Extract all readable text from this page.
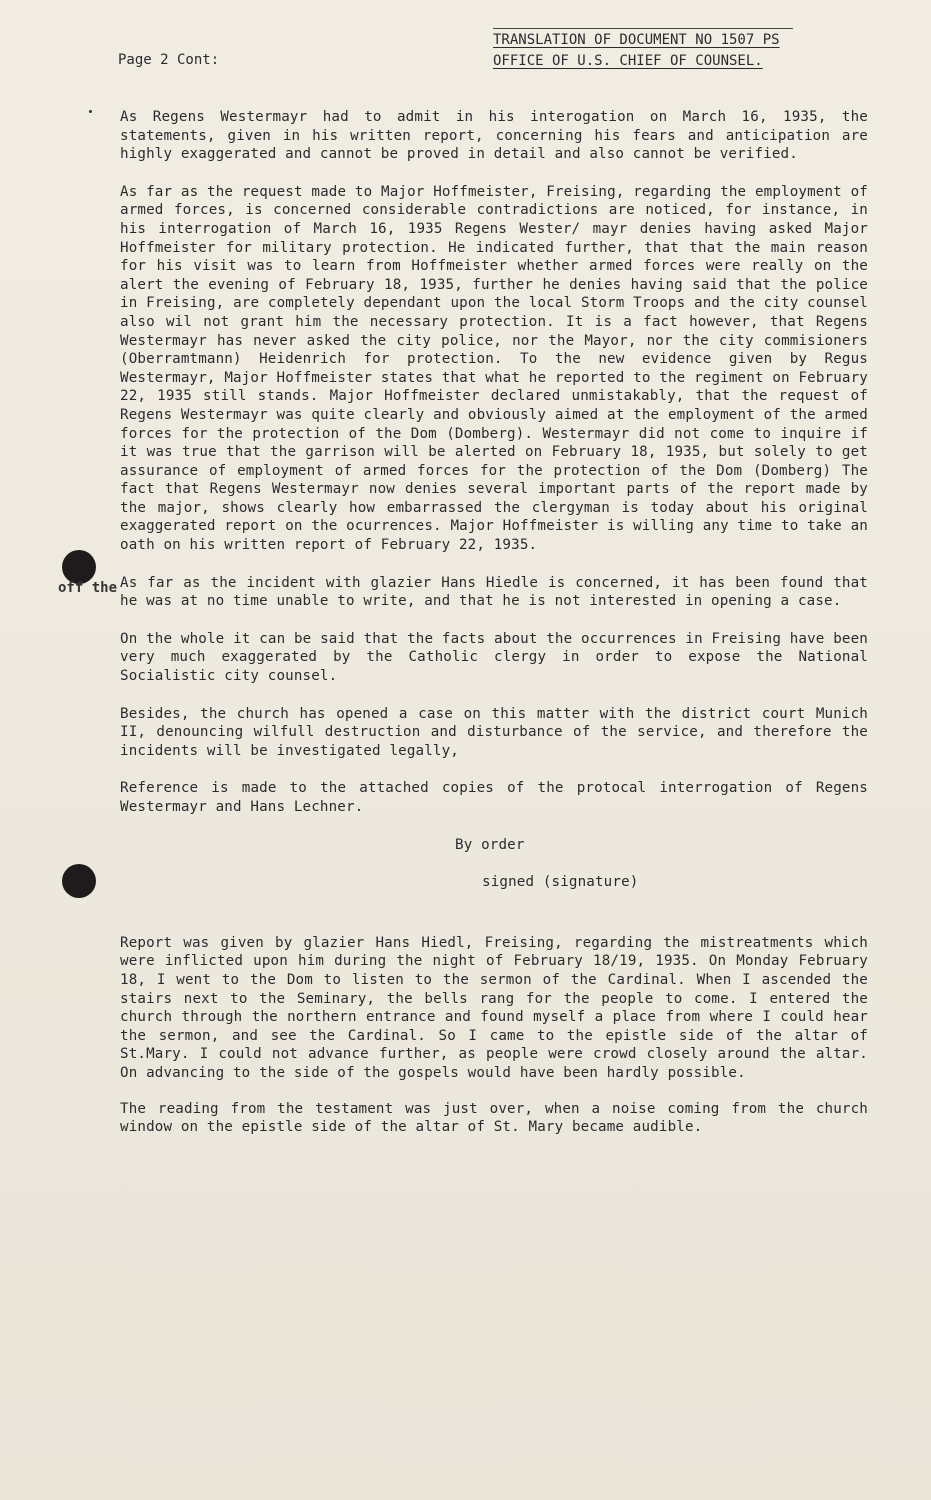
Page 2 Cont:
TRANSLATION OF DOCUMENT NO 1507 PS
OFFICE OF U.S. CHIEF OF COUNSEL.
off the

As Regens Westermayr had to admit in his interogation on March 16, 1935, the statements, given in his written report, concerning his fears and anticipation are highly exaggerated and cannot be proved in detail and also cannot be verified.

As far as the request made to Major Hoffmeister, Freising, regarding the employment of armed forces, is concerned considerable contradictions are noticed, for instance, in his interrogation of March 16, 1935 Regens Wester/ mayr denies having asked Major Hoffmeister for military protection. He indicated further, that that the main reason for his visit was to learn from Hoffmeister whether armed forces were really on the alert the evening of February 18, 1935, further he denies having said that the police in Freising, are completely dependant upon the local Storm Troops and the city counsel also wil not grant him the necessary protection. It is a fact however, that Regens Westermayr has never asked the city police, nor the Mayor, nor the city commisioners (Oberramtmann) Heidenrich for protection. To the new evidence given by Regus Westermayr, Major Hoffmeister states that what he reported to the regiment on February 22, 1935 still stands. Major Hoffmeister declared unmistakably, that the request of Regens Westermayr was quite clearly and obviously aimed at the employment of the armed forces for the protection of the Dom (Domberg). Westermayr did not come to inquire if it was true that the garrison will be alerted on February 18, 1935, but solely to get assurance of employment of armed forces for the protection of the Dom (Domberg) The fact that Regens Westermayr now denies several important parts of the report made by the major, shows clearly how embarrassed the clergyman is today about his original exaggerated report on the ocurrences. Major Hoffmeister is willing any time to take an oath on his written report of February 22, 1935.

As far as the incident with glazier Hans Hiedle is concerned, it has been found that he was at no time unable to write, and that he is not interested in opening a case.

On the whole it can be said that the facts about the occurrences in Freising have been very much exaggerated by the Catholic clergy in order to expose the National Socialistic city counsel.

Besides, the church has opened a case on this matter with the district court Munich II, denouncing wilfull destruction and disturbance of the service, and therefore the incidents will be investigated legally,

Reference is made to the attached copies of the protocal interrogation of Regens Westermayr and Hans Lechner.

By order

signed (signature)

Report was given by glazier Hans Hiedl, Freising, regarding the mistreatments which were inflicted upon him during the night of February 18/19, 1935. On Monday February 18, I went to the Dom to listen to the sermon of the Cardinal. When I ascended the stairs next to the Seminary, the bells rang for the people to come. I entered the church through the northern entrance and found myself a place from where I could hear the sermon, and see the Cardinal. So I came to the epistle side of the altar of St.Mary. I could not advance further, as people were crowd closely around the altar. On advancing to the side of the gospels would have been hardly possible.

The reading from the testament was just over, when a noise coming from the church window on the epistle side of the altar of St. Mary became audible.
